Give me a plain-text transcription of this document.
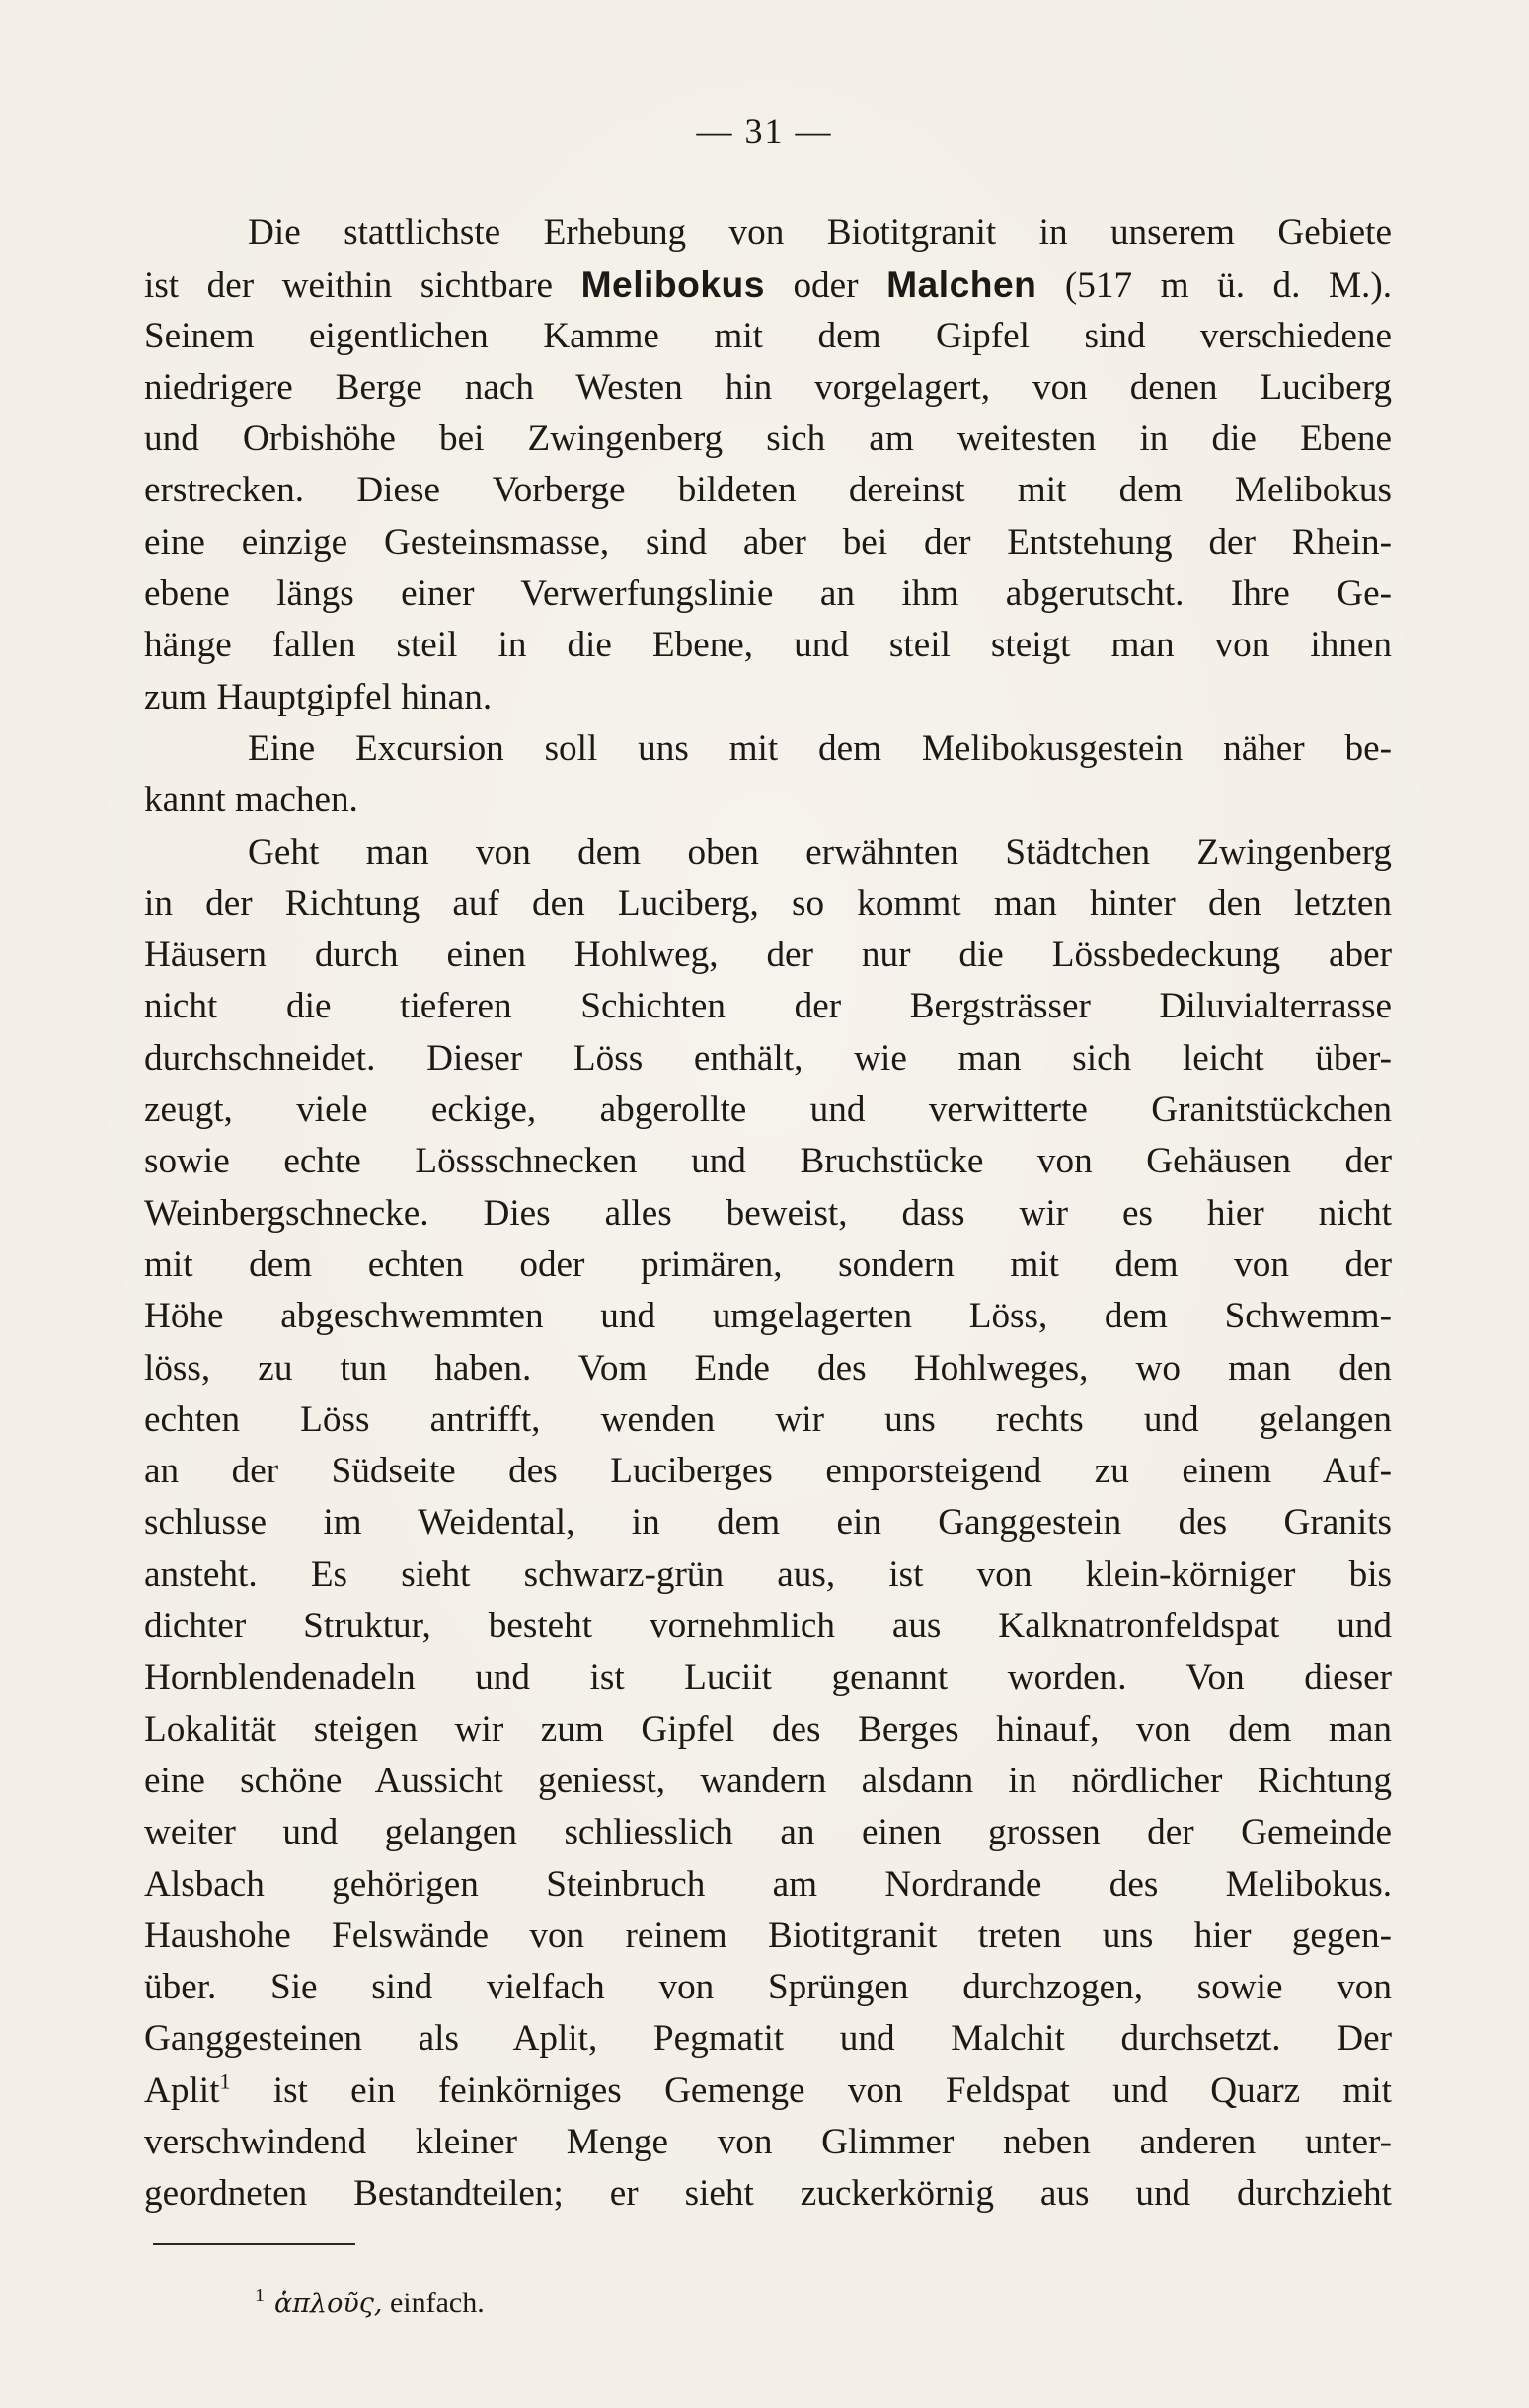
— 31 —
Die stattlichste Erhebung von Biotitgranit in unserem Gebiete
ist der weithin sichtbare Melibokus oder Malchen (517 m ü. d. M.).
Seinem eigentlichen Kamme mit dem Gipfel sind verschiedene
niedrigere Berge nach Westen hin vorgelagert, von denen Luciberg
und Orbishöhe bei Zwingenberg sich am weitesten in die Ebene
erstrecken. Diese Vorberge bildeten dereinst mit dem Melibokus
eine einzige Gesteinsmasse, sind aber bei der Entstehung der Rhein-
ebene längs einer Verwerfungslinie an ihm abgerutscht. Ihre Ge-
hänge fallen steil in die Ebene, und steil steigt man von ihnen
zum Hauptgipfel hinan.
Eine Excursion soll uns mit dem Melibokusgestein näher be-
kannt machen.
Geht man von dem oben erwähnten Städtchen Zwingenberg
in der Richtung auf den Luciberg, so kommt man hinter den letzten
Häusern durch einen Hohlweg, der nur die Lössbedeckung aber
nicht die tieferen Schichten der Bergsträsser Diluvialterrasse
durchschneidet. Dieser Löss enthält, wie man sich leicht über-
zeugt, viele eckige, abgerollte und verwitterte Granitstückchen
sowie echte Lössschnecken und Bruchstücke von Gehäusen der
Weinbergschnecke. Dies alles beweist, dass wir es hier nicht
mit dem echten oder primären, sondern mit dem von der
Höhe abgeschwemmten und umgelagerten Löss, dem Schwemm-
löss, zu tun haben. Vom Ende des Hohlweges, wo man den
echten Löss antrifft, wenden wir uns rechts und gelangen
an der Südseite des Luciberges emporsteigend zu einem Auf-
schlusse im Weidental, in dem ein Ganggestein des Granits
ansteht. Es sieht schwarz-grün aus, ist von klein-körniger bis
dichter Struktur, besteht vornehmlich aus Kalknatronfeldspat und
Hornblendenadeln und ist Luciit genannt worden. Von dieser
Lokalität steigen wir zum Gipfel des Berges hinauf, von dem man
eine schöne Aussicht geniesst, wandern alsdann in nördlicher Richtung
weiter und gelangen schliesslich an einen grossen der Gemeinde
Alsbach gehörigen Steinbruch am Nordrande des Melibokus.
Haushohe Felswände von reinem Biotitgranit treten uns hier gegen-
über. Sie sind vielfach von Sprüngen durchzogen, sowie von
Ganggesteinen als Aplit, Pegmatit und Malchit durchsetzt. Der
Aplit$^1$ ist ein feinkörniges Gemenge von Feldspat und Quarz mit
verschwindend kleiner Menge von Glimmer neben anderen unter-
geordneten Bestandteilen; er sieht zuckerkörnig aus und durchzieht
$^1$ ἁπλοῦς, einfach.
